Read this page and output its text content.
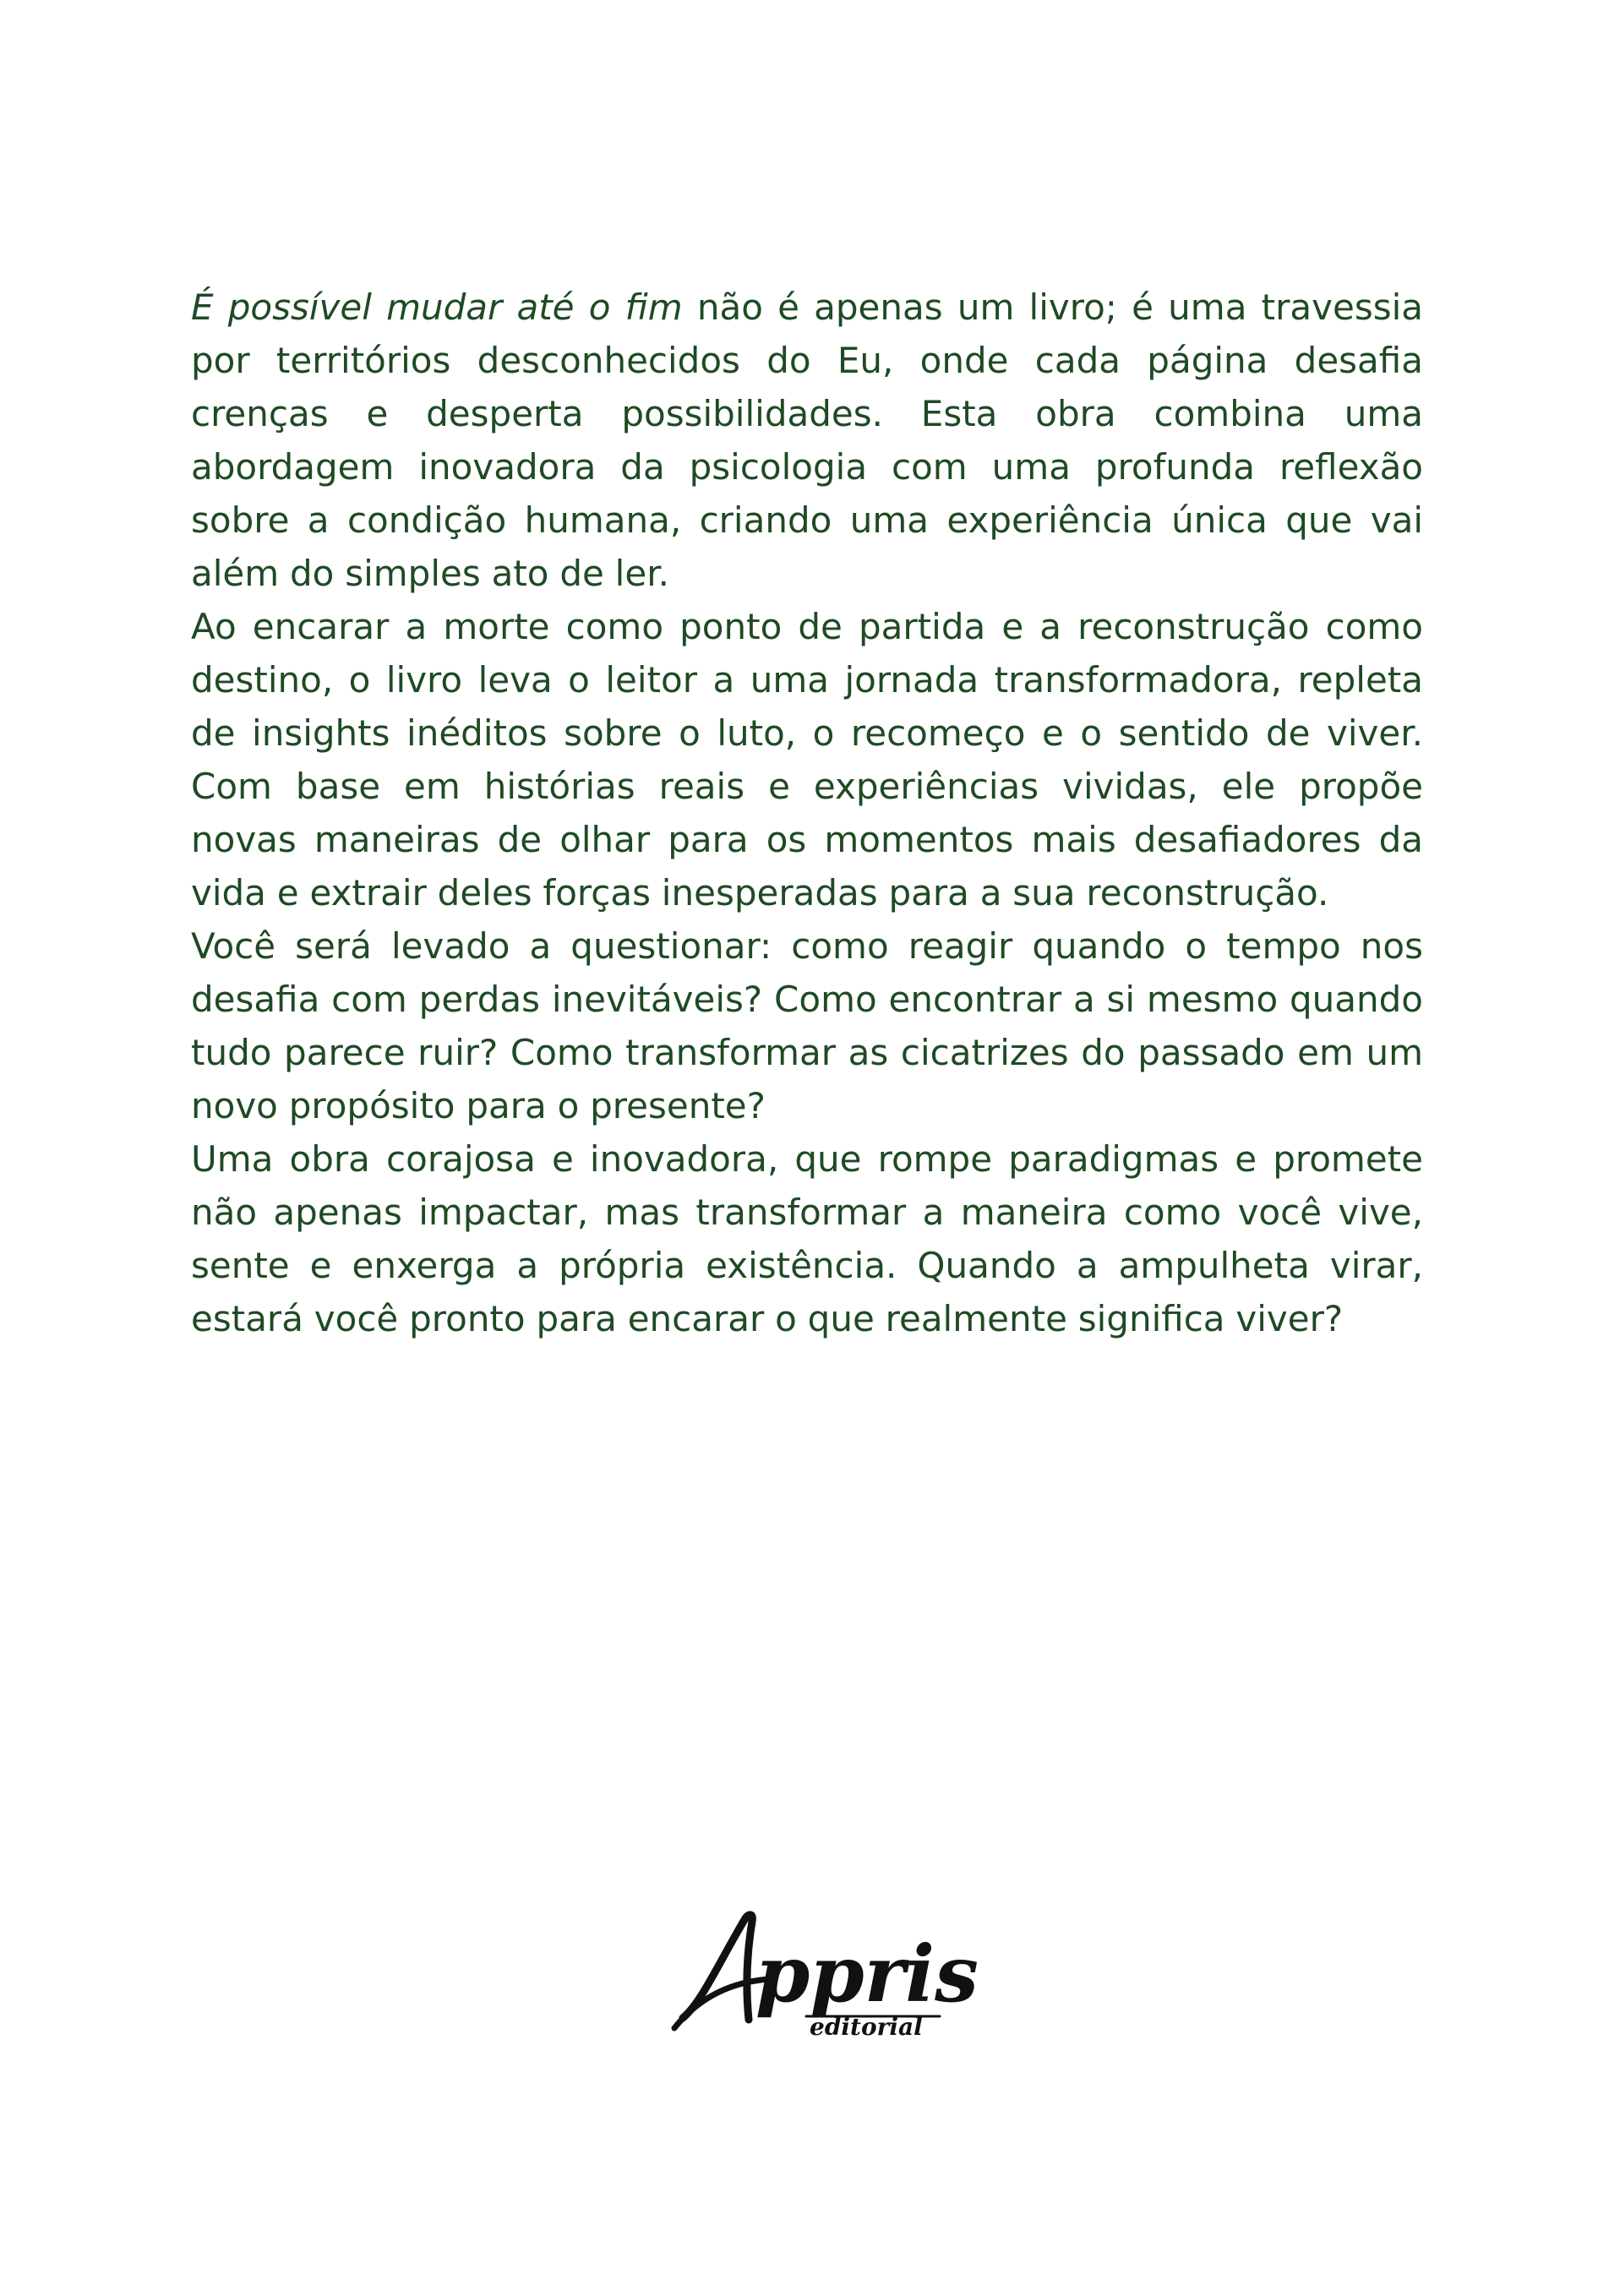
É possível mudar até o fim não é apenas um livro; é uma travessia por territórios desconhecidos do Eu, onde cada página desafia crenças e desperta possibilidades. Esta obra combina uma abordagem inovadora da psicologia com uma profunda reflexão sobre a condição humana, criando uma experiência única que vai além do simples ato de ler.

Ao encarar a morte como ponto de partida e a reconstrução como destino, o livro leva o leitor a uma jornada transformadora, repleta de insights inéditos sobre o luto, o recomeço e o sentido de viver. Com base em histórias reais e experiências vividas, ele propõe novas maneiras de olhar para os momentos mais desafiadores da vida e extrair deles forças inesperadas para a sua reconstrução.

Você será levado a questionar: como reagir quando o tempo nos desafia com perdas inevitáveis? Como encontrar a si mesmo quando tudo parece ruir? Como transformar as cicatrizes do passado em um novo propósito para o presente?

Uma obra corajosa e inovadora, que rompe paradigmas e promete não apenas impactar, mas transformar a maneira como você vive, sente e enxerga a própria existência. Quando a ampulheta virar, estará você pronto para encarar o que realmente significa viver?

ppris
editorial
